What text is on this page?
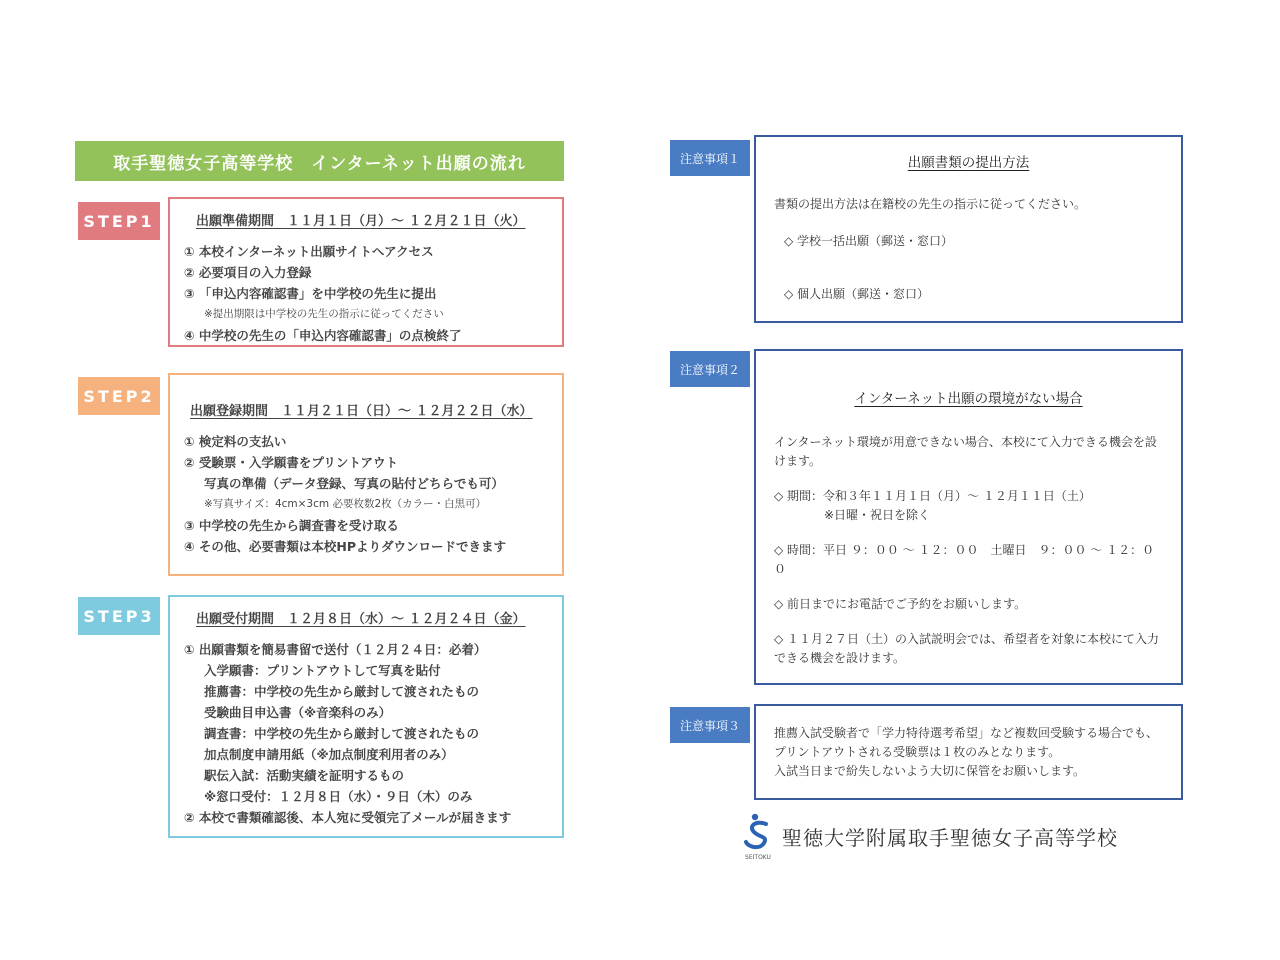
取手聖徳女子高等学校　インターネット出願の流れ
STEP1	出願準備期間　１１月１日（月）～ １２月２１日（火）
① 本校インターネット出願サイトへアクセス
② 必要項目の入力登録
③ 「申込内容確認書」を中学校の先生に提出
※提出期限は中学校の先生の指示に従ってください
④ 中学校の先生の「申込内容確認書」の点検終了
STEP2
出願登録期間　１１月２１日（日）～ １２月２２日（水）
① 検定料の支払い
② 受験票・入学願書をプリントアウト
写真の準備（データ登録、写真の貼付どちらでも可）
※写真サイズ：4cm×3cm 必要枚数2枚（カラー・白黒可）
③ 中学校の先生から調査書を受け取る
④ その他、必要書類は本校HPよりダウンロードできます
STEP3	出願受付期間　１２月８日（水）～ １２月２４日（金）
① 出願書類を簡易書留で送付（１２月２４日：必着）
入学願書：プリントアウトして写真を貼付
推薦書：中学校の先生から厳封して渡されたもの
受験曲目申込書（※音楽科のみ）
調査書：中学校の先生から厳封して渡されたもの
加点制度申請用紙（※加点制度利用者のみ）
駅伝入試：活動実績を証明するもの
※窓口受付：１２月８日（水）・９日（木）のみ
② 本校で書類確認後、本人宛に受領完了メールが届きます
注意事項１	出願書類の提出方法
書類の提出方法は在籍校の先生の指示に従ってください。
◇ 学校一括出願（郵送・窓口）
◇ 個人出願（郵送・窓口）
注意事項２
インターネット出願の環境がない場合
インターネット環境が用意できない場合、本校にて入力できる機会を設けます。
◇ 期間：令和３年１１月１日（月）～ １２月１１日（土）
※日曜・祝日を除く
◇ 時間：平日 ９：００ ～ １２：００　土曜日　９：００ ～ １２：００
◇ 前日までにお電話でご予約をお願いします。
◇ １１月２７日（土）の入試説明会では、希望者を対象に本校にて入力できる機会を設けます。
注意事項３
推薦入試受験者で「学力特待選考希望」など複数回受験する場合でも、
プリントアウトされる受験票は１枚のみとなります。
入試当日まで紛失しないよう大切に保管をお願いします。
SEITOKU
聖徳大学附属取手聖徳女子高等学校
